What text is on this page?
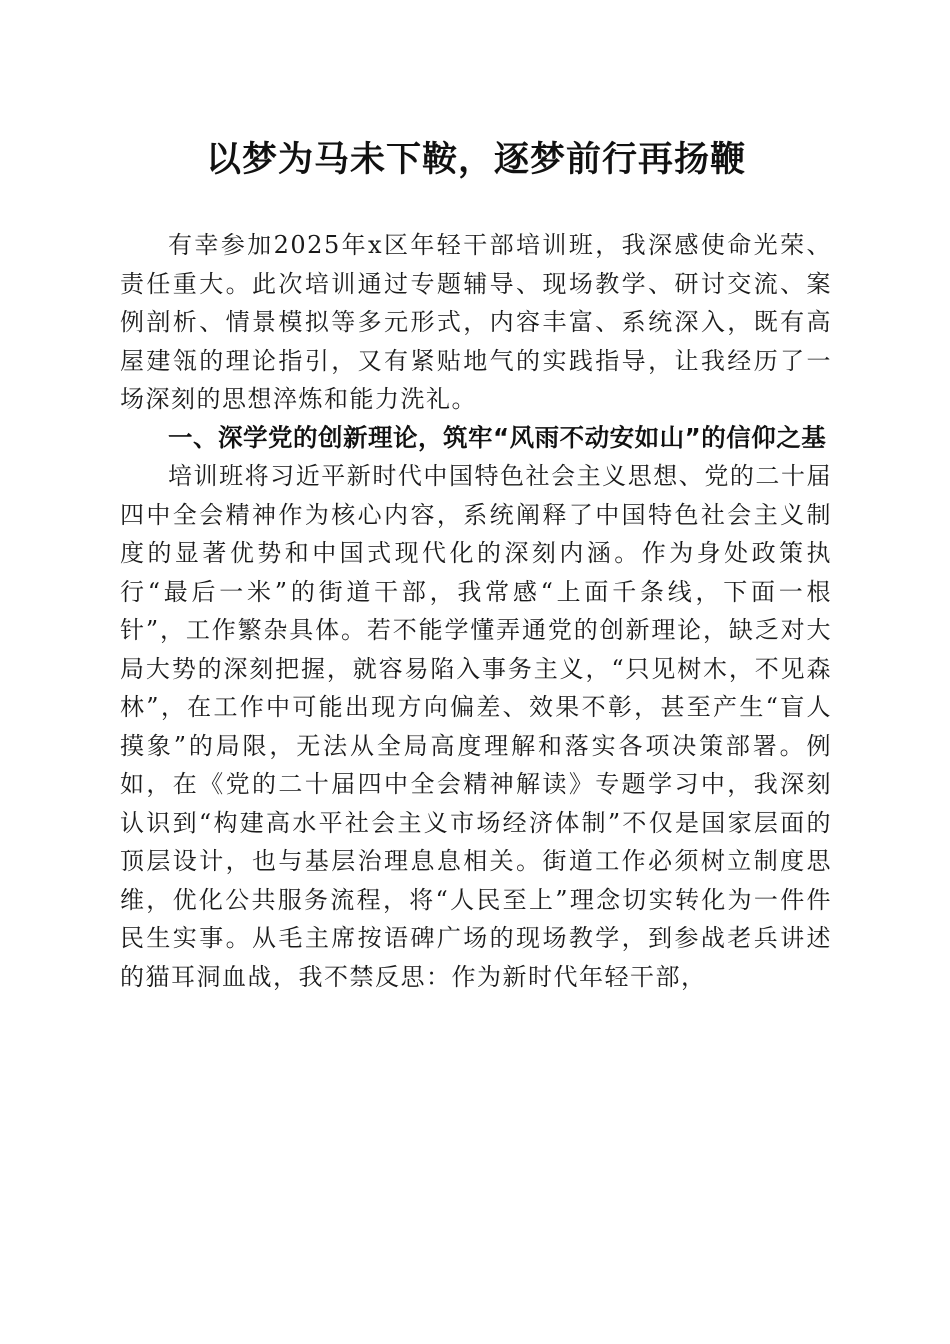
以梦为马未下鞍，逐梦前行再扬鞭

有幸参加2025年x区年轻干部培训班，我深感使命光荣、责任重大。此次培训通过专题辅导、现场教学、研讨交流、案例剖析、情景模拟等多元形式，内容丰富、系统深入，既有高屋建瓴的理论指引，又有紧贴地气的实践指导，让我经历了一场深刻的思想淬炼和能力洗礼。

一、深学党的创新理论，筑牢“风雨不动安如山”的信仰之基

培训班将习近平新时代中国特色社会主义思想、党的二十届四中全会精神作为核心内容，系统阐释了中国特色社会主义制度的显著优势和中国式现代化的深刻内涵。作为身处政策执行“最后一米”的街道干部，我常感“上面千条线，下面一根针”，工作繁杂具体。若不能学懂弄通党的创新理论，缺乏对大局大势的深刻把握，就容易陷入事务主义，“只见树木，不见森林”，在工作中可能出现方向偏差、效果不彰，甚至产生“盲人摸象”的局限，无法从全局高度理解和落实各项决策部署。例如，在《党的二十届四中全会精神解读》专题学习中，我深刻认识到“构建高水平社会主义市场经济体制”不仅是国家层面的顶层设计，也与基层治理息息相关。街道工作必须树立制度思维，优化公共服务流程，将“人民至上”理念切实转化为一件件民生实事。从毛主席按语碑广场的现场教学，到参战老兵讲述的猫耳洞血战，我不禁反思：作为新时代年轻干部，
